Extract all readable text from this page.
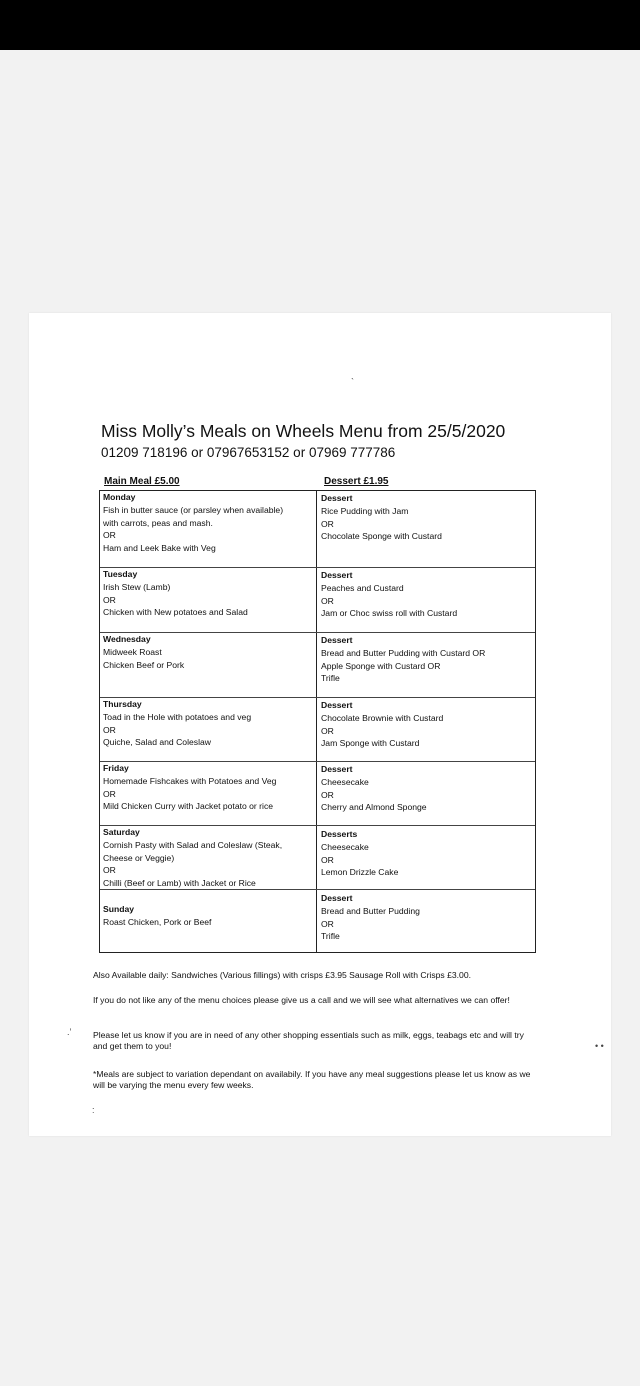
`
Miss Molly’s Meals on Wheels Menu from 25/5/2020
01209 718196 or 07967653152 or 07969 777786
Main Meal £5.00	Dessert £1.95
Monday
Fish in butter sauce (or parsley when available)
with carrots, peas and mash.
OR
Ham and Leek Bake with Veg
Dessert
Rice Pudding with Jam
OR
Chocolate Sponge with Custard
Tuesday
Irish Stew (Lamb)
OR
Chicken with New potatoes and Salad
Dessert
Peaches and Custard
OR
Jam or Choc swiss roll with Custard
Wednesday
Midweek Roast
Chicken Beef or Pork
Dessert
Bread and Butter Pudding with Custard OR
Apple Sponge with Custard OR
Trifle
Thursday
Toad in the Hole with potatoes and veg
OR
Quiche, Salad and Coleslaw
Dessert
Chocolate Brownie with Custard
OR
Jam Sponge with Custard
Friday
Homemade Fishcakes with Potatoes and Veg
OR
Mild Chicken Curry with Jacket potato or rice
Dessert
Cheesecake
OR
Cherry and Almond Sponge
Saturday
Cornish Pasty with Salad and Coleslaw (Steak,
Cheese or Veggie)
OR
Chilli (Beef or Lamb) with Jacket or Rice
Desserts
Cheesecake
OR
Lemon Drizzle Cake
Sunday
Roast Chicken, Pork or Beef
Dessert
Bread and Butter Pudding
OR
Trifle
Also Available daily: Sandwiches (Various fillings) with crisps £3.95 Sausage Roll with Crisps £3.00.
If you do not like any of the menu choices please give us a call and we will see what alternatives we can offer!
Please let us know if you are in need of any other shopping essentials such as milk, eggs, teabags etc and will try and get them to you!
*Meals are subject to variation dependant on availabily. If you have any meal suggestions please let us know as we will be varying the menu every few weeks.
.’
• •
:
